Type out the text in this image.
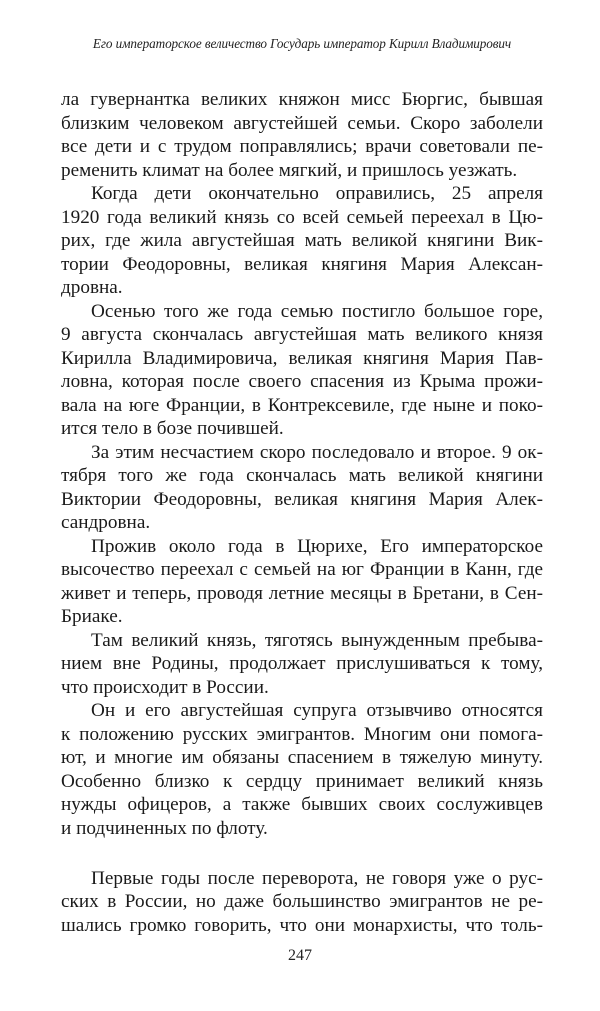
Его императорское величество Государь император Кирилл Владимирович
ла гувернантка великих княжон мисс Бюргис, бывшая
близким человеком августейшей семьи. Скоро заболели
все дети и с трудом поправлялись; врачи советовали пе-
ременить климат на более мягкий, и пришлось уезжать.
Когда дети окончательно оправились, 25 апреля
1920 года великий князь со всей семьей переехал в Цю-
рих, где жила августейшая мать великой княгини Вик-
тории Феодоровны, великая княгиня Мария Алексан-
дровна.
Осенью того же года семью постигло большое горе,
9 августа скончалась августейшая мать великого князя
Кирилла Владимировича, великая княгиня Мария Пав-
ловна, которая после своего спасения из Крыма прожи-
вала на юге Франции, в Контрексевиле, где ныне и поко-
ится тело в бозе почившей.
За этим несчастием скоро последовало и второе. 9 ок-
тября того же года скончалась мать великой княгини
Виктории Феодоровны, великая княгиня Мария Алек-
сандровна.
Прожив около года в Цюрихе, Его императорское
высочество переехал с семьей на юг Франции в Канн, где
живет и теперь, проводя летние месяцы в Бретани, в Сен-
Бриаке.
Там великий князь, тяготясь вынужденным пребыва-
нием вне Родины, продолжает прислушиваться к тому,
что происходит в России.
Он и его августейшая супруга отзывчиво относятся
к положению русских эмигрантов. Многим они помога-
ют, и многие им обязаны спасением в тяжелую минуту.
Особенно близко к сердцу принимает великий князь
нужды офицеров, а также бывших своих сослуживцев
и подчиненных по флоту.
Первые годы после переворота, не говоря уже о рус-
ских в России, но даже большинство эмигрантов не ре-
шались громко говорить, что они монархисты, что толь-
247
